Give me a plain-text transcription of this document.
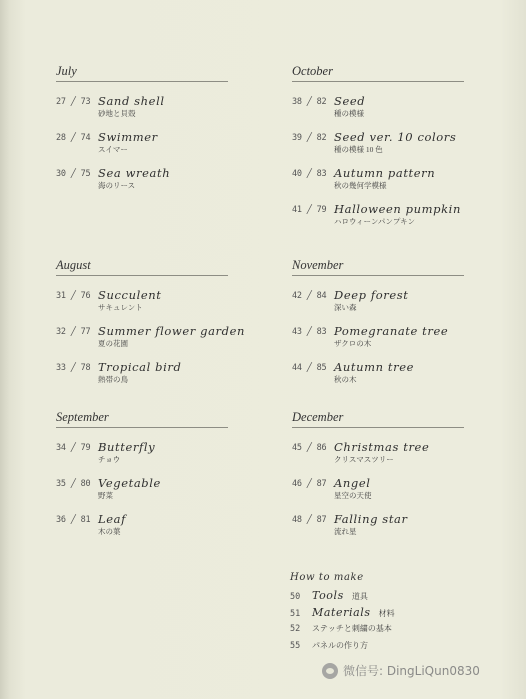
July
27 ╱ 73 Sand shell
砂地と貝殻
28 ╱ 74 Swimmer
スイマー
30 ╱ 75 Sea wreath
海のリース
August
31 ╱ 76 Succulent
サキュレント
32 ╱ 77 Summer flower garden
夏の花園
33 ╱ 78 Tropical bird
熱帯の鳥
September
34 ╱ 79 Butterfly
チョウ
35 ╱ 80 Vegetable
野菜
36 ╱ 81 Leaf
木の葉
October
38 ╱ 82 Seed
種の模様
39 ╱ 82 Seed ver. 10 colors
種の模様 10 色
40 ╱ 83 Autumn pattern
秋の幾何学模様
41 ╱ 79 Halloween pumpkin
ハロウィーンパンプキン
November
42 ╱ 84 Deep forest
深い森
43 ╱ 83 Pomegranate tree
ザクロの木
44 ╱ 85 Autumn tree
秋の木
December
45 ╱ 86 Christmas tree
クリスマスツリー
46 ╱ 87 Angel
星空の天使
48 ╱ 87 Falling star
流れ星
How to make
50	Tools 道具
51	Materials 材料
52	ステッチと刺繍の基本
55	パネルの作り方
微信号: DingLiQun0830
